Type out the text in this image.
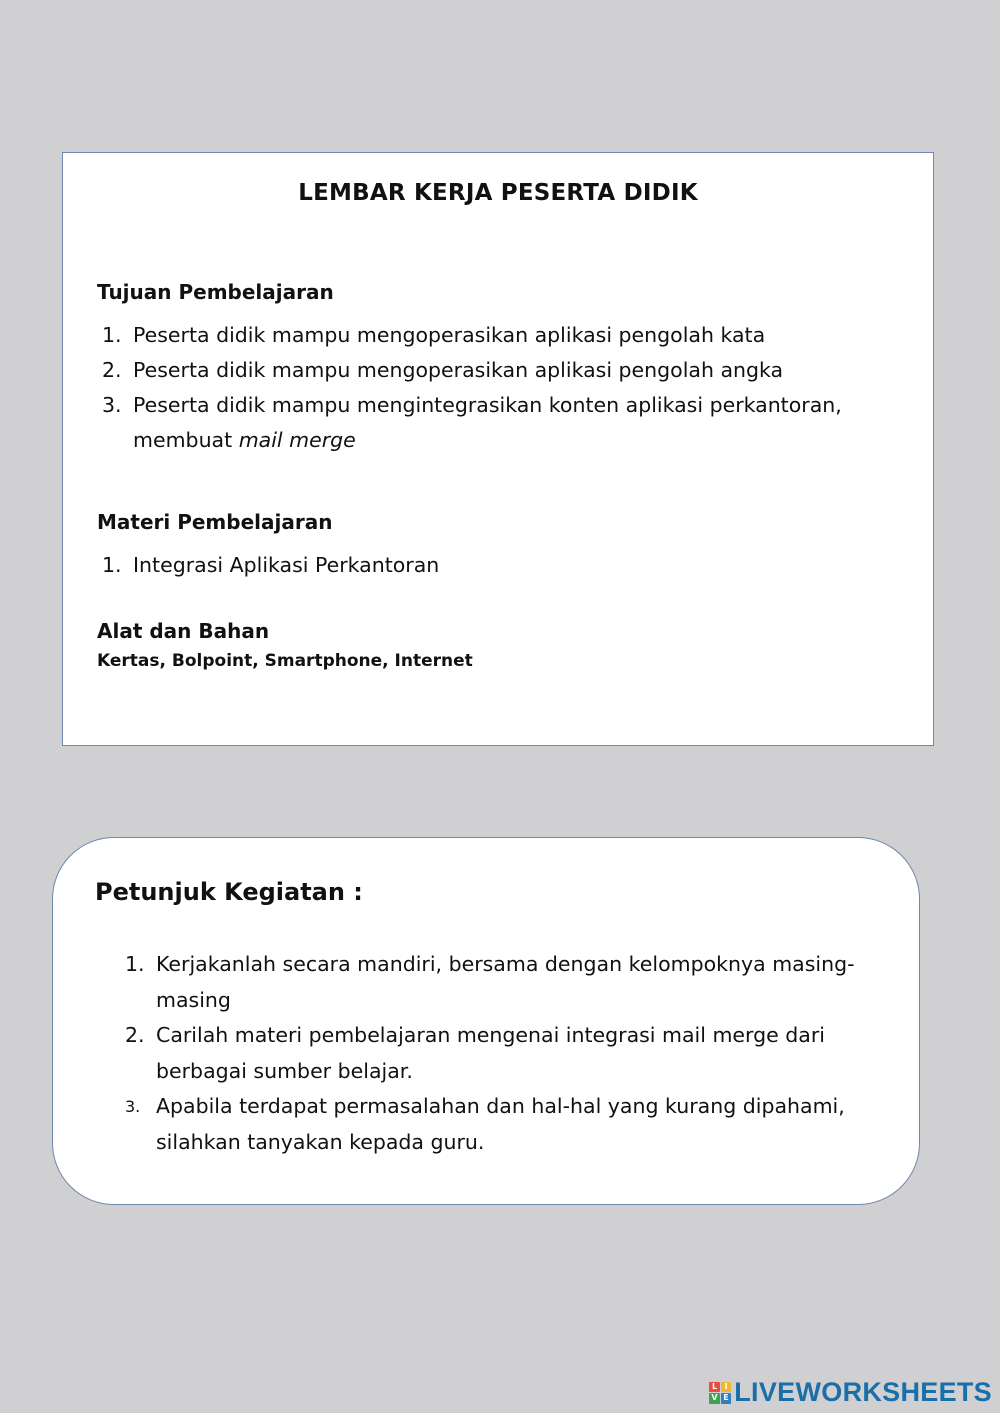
LEMBAR KERJA PESERTA DIDIK
Tujuan Pembelajaran
1. Peserta didik mampu mengoperasikan aplikasi pengolah kata
2. Peserta didik mampu mengoperasikan aplikasi pengolah angka
3. Peserta didik mampu mengintegrasikan konten aplikasi perkantoran,
membuat mail merge
Materi Pembelajaran
1. Integrasi Aplikasi Perkantoran
Alat dan Bahan
Kertas, Bolpoint, Smartphone, Internet
Petunjuk Kegiatan :
1. Kerjakanlah secara mandiri, bersama dengan kelompoknya masing-masing
2. Carilah materi pembelajaran mengenai integrasi mail merge dari berbagai sumber belajar.
3. Apabila terdapat permasalahan dan hal-hal yang kurang dipahami, silahkan tanyakan kepada guru.
L I
V E LIVEWORKSHEETS
